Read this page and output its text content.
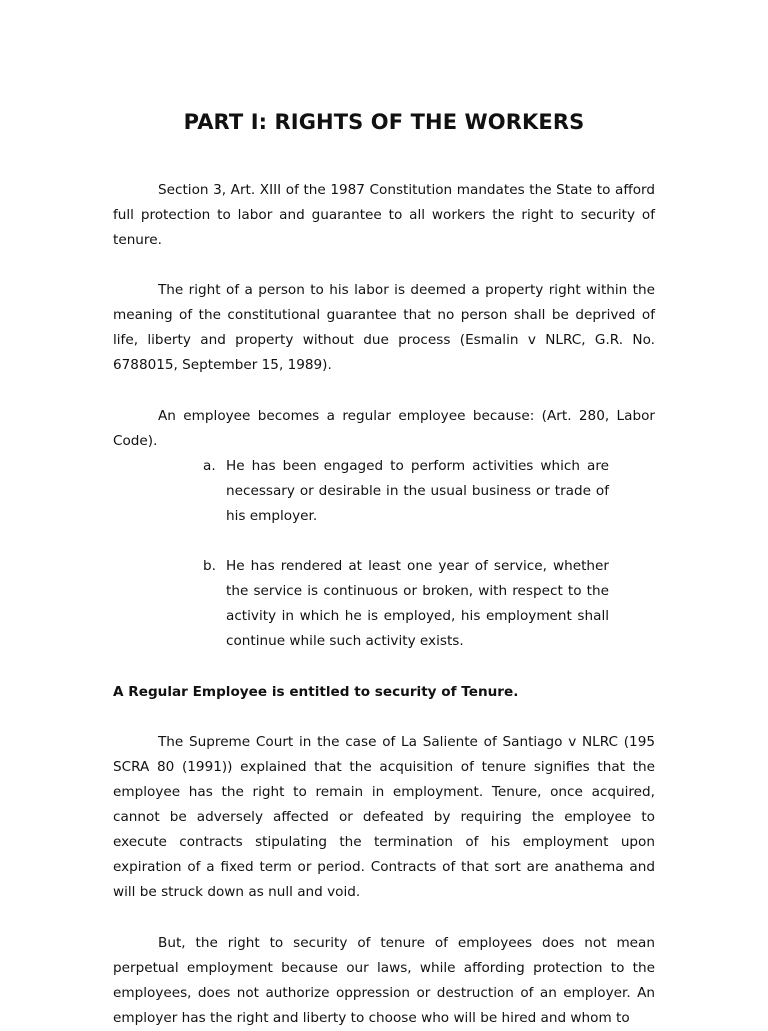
PART I: RIGHTS OF THE WORKERS

Section 3, Art. XIII of the 1987 Constitution mandates the State to afford full protection to labor and guarantee to all workers the right to security of tenure.

The right of a person to his labor is deemed a property right within the meaning of the constitutional guarantee that no person shall be deprived of life, liberty and property without due process (Esmalin v NLRC, G.R. No. 6788015, September 15, 1989).

An employee becomes a regular employee because: (Art. 280, Labor Code).

a. He has been engaged to perform activities which are necessary or desirable in the usual business or trade of his employer.
b. He has rendered at least one year of service, whether the service is continuous or broken, with respect to the activity in which he is employed, his employment shall continue while such activity exists.

A Regular Employee is entitled to security of Tenure.

The Supreme Court in the case of La Saliente of Santiago v NLRC (195 SCRA 80 (1991)) explained that the acquisition of tenure signifies that the employee has the right to remain in employment. Tenure, once acquired, cannot be adversely affected or defeated by requiring the employee to execute contracts stipulating the termination of his employment upon expiration of a fixed term or period. Contracts of that sort are anathema and will be struck down as null and void.

But, the right to security of tenure of employees does not mean perpetual employment because our laws, while affording protection to the employees, does not authorize oppression or destruction of an employer. An employer has the right and liberty to choose who will be hired and whom to
